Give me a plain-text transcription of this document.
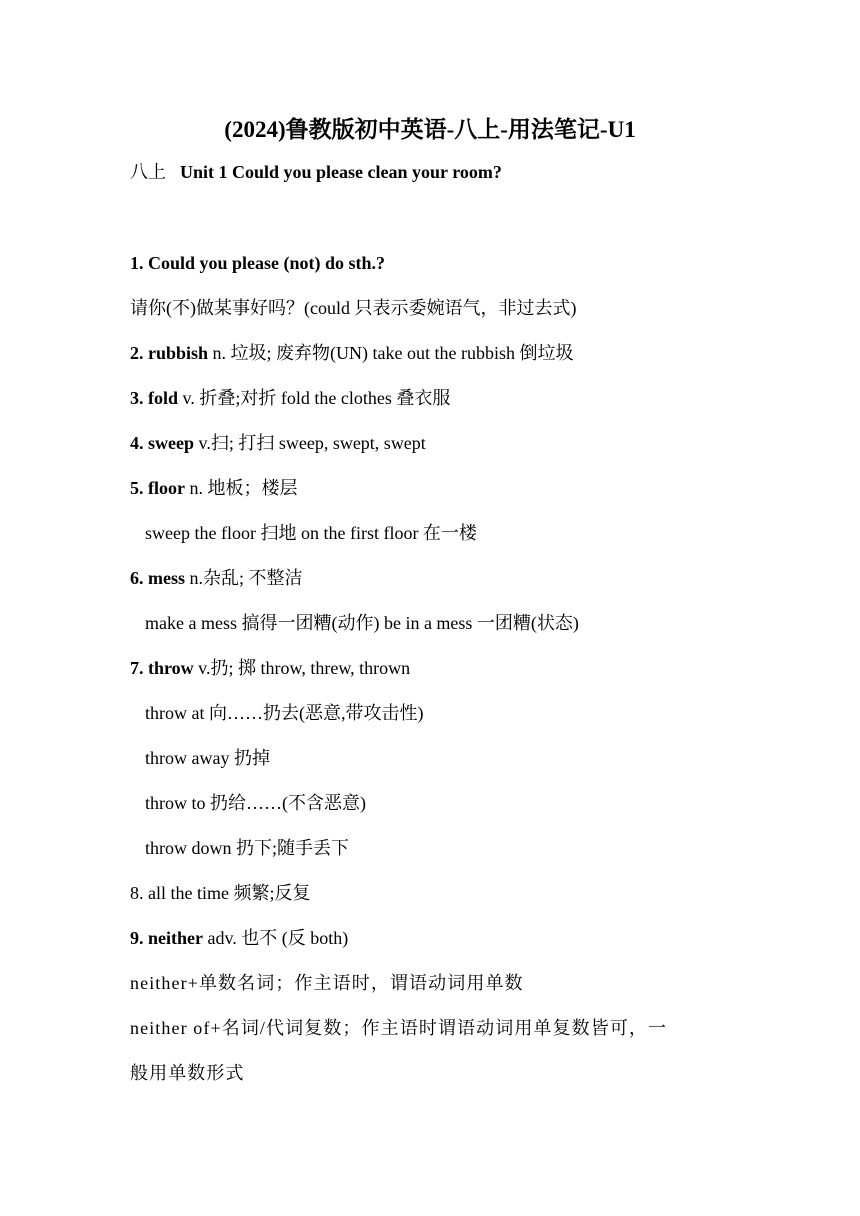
(2024)鲁教版初中英语-八上-用法笔记-U1
八上 Unit 1 Could you please clean your room?
1. Could you please (not) do sth.?
请你(不)做某事好吗？(could 只表示委婉语气，非过去式)
2. rubbish n. 垃圾; 废弃物(UN) take out the rubbish 倒垃圾
3. fold v. 折叠;对折 fold the clothes 叠衣服
4. sweep v.扫; 打扫 sweep, swept, swept
5. floor n. 地板；楼层
sweep the floor 扫地 on the first floor 在一楼
6. mess n.杂乱; 不整洁
make a mess 搞得一团糟(动作) be in a mess 一团糟(状态)
7. throw v.扔; 掷 throw, threw, thrown
throw at 向……扔去(恶意,带攻击性)
throw away 扔掉
throw to 扔给……(不含恶意)
throw down 扔下;随手丢下
8. all the time 频繁;反复
9. neither adv. 也不 (反 both)
neither+单数名词；作主语时，谓语动词用单数
neither of+名词/代词复数；作主语时谓语动词用单复数皆可，一
般用单数形式
